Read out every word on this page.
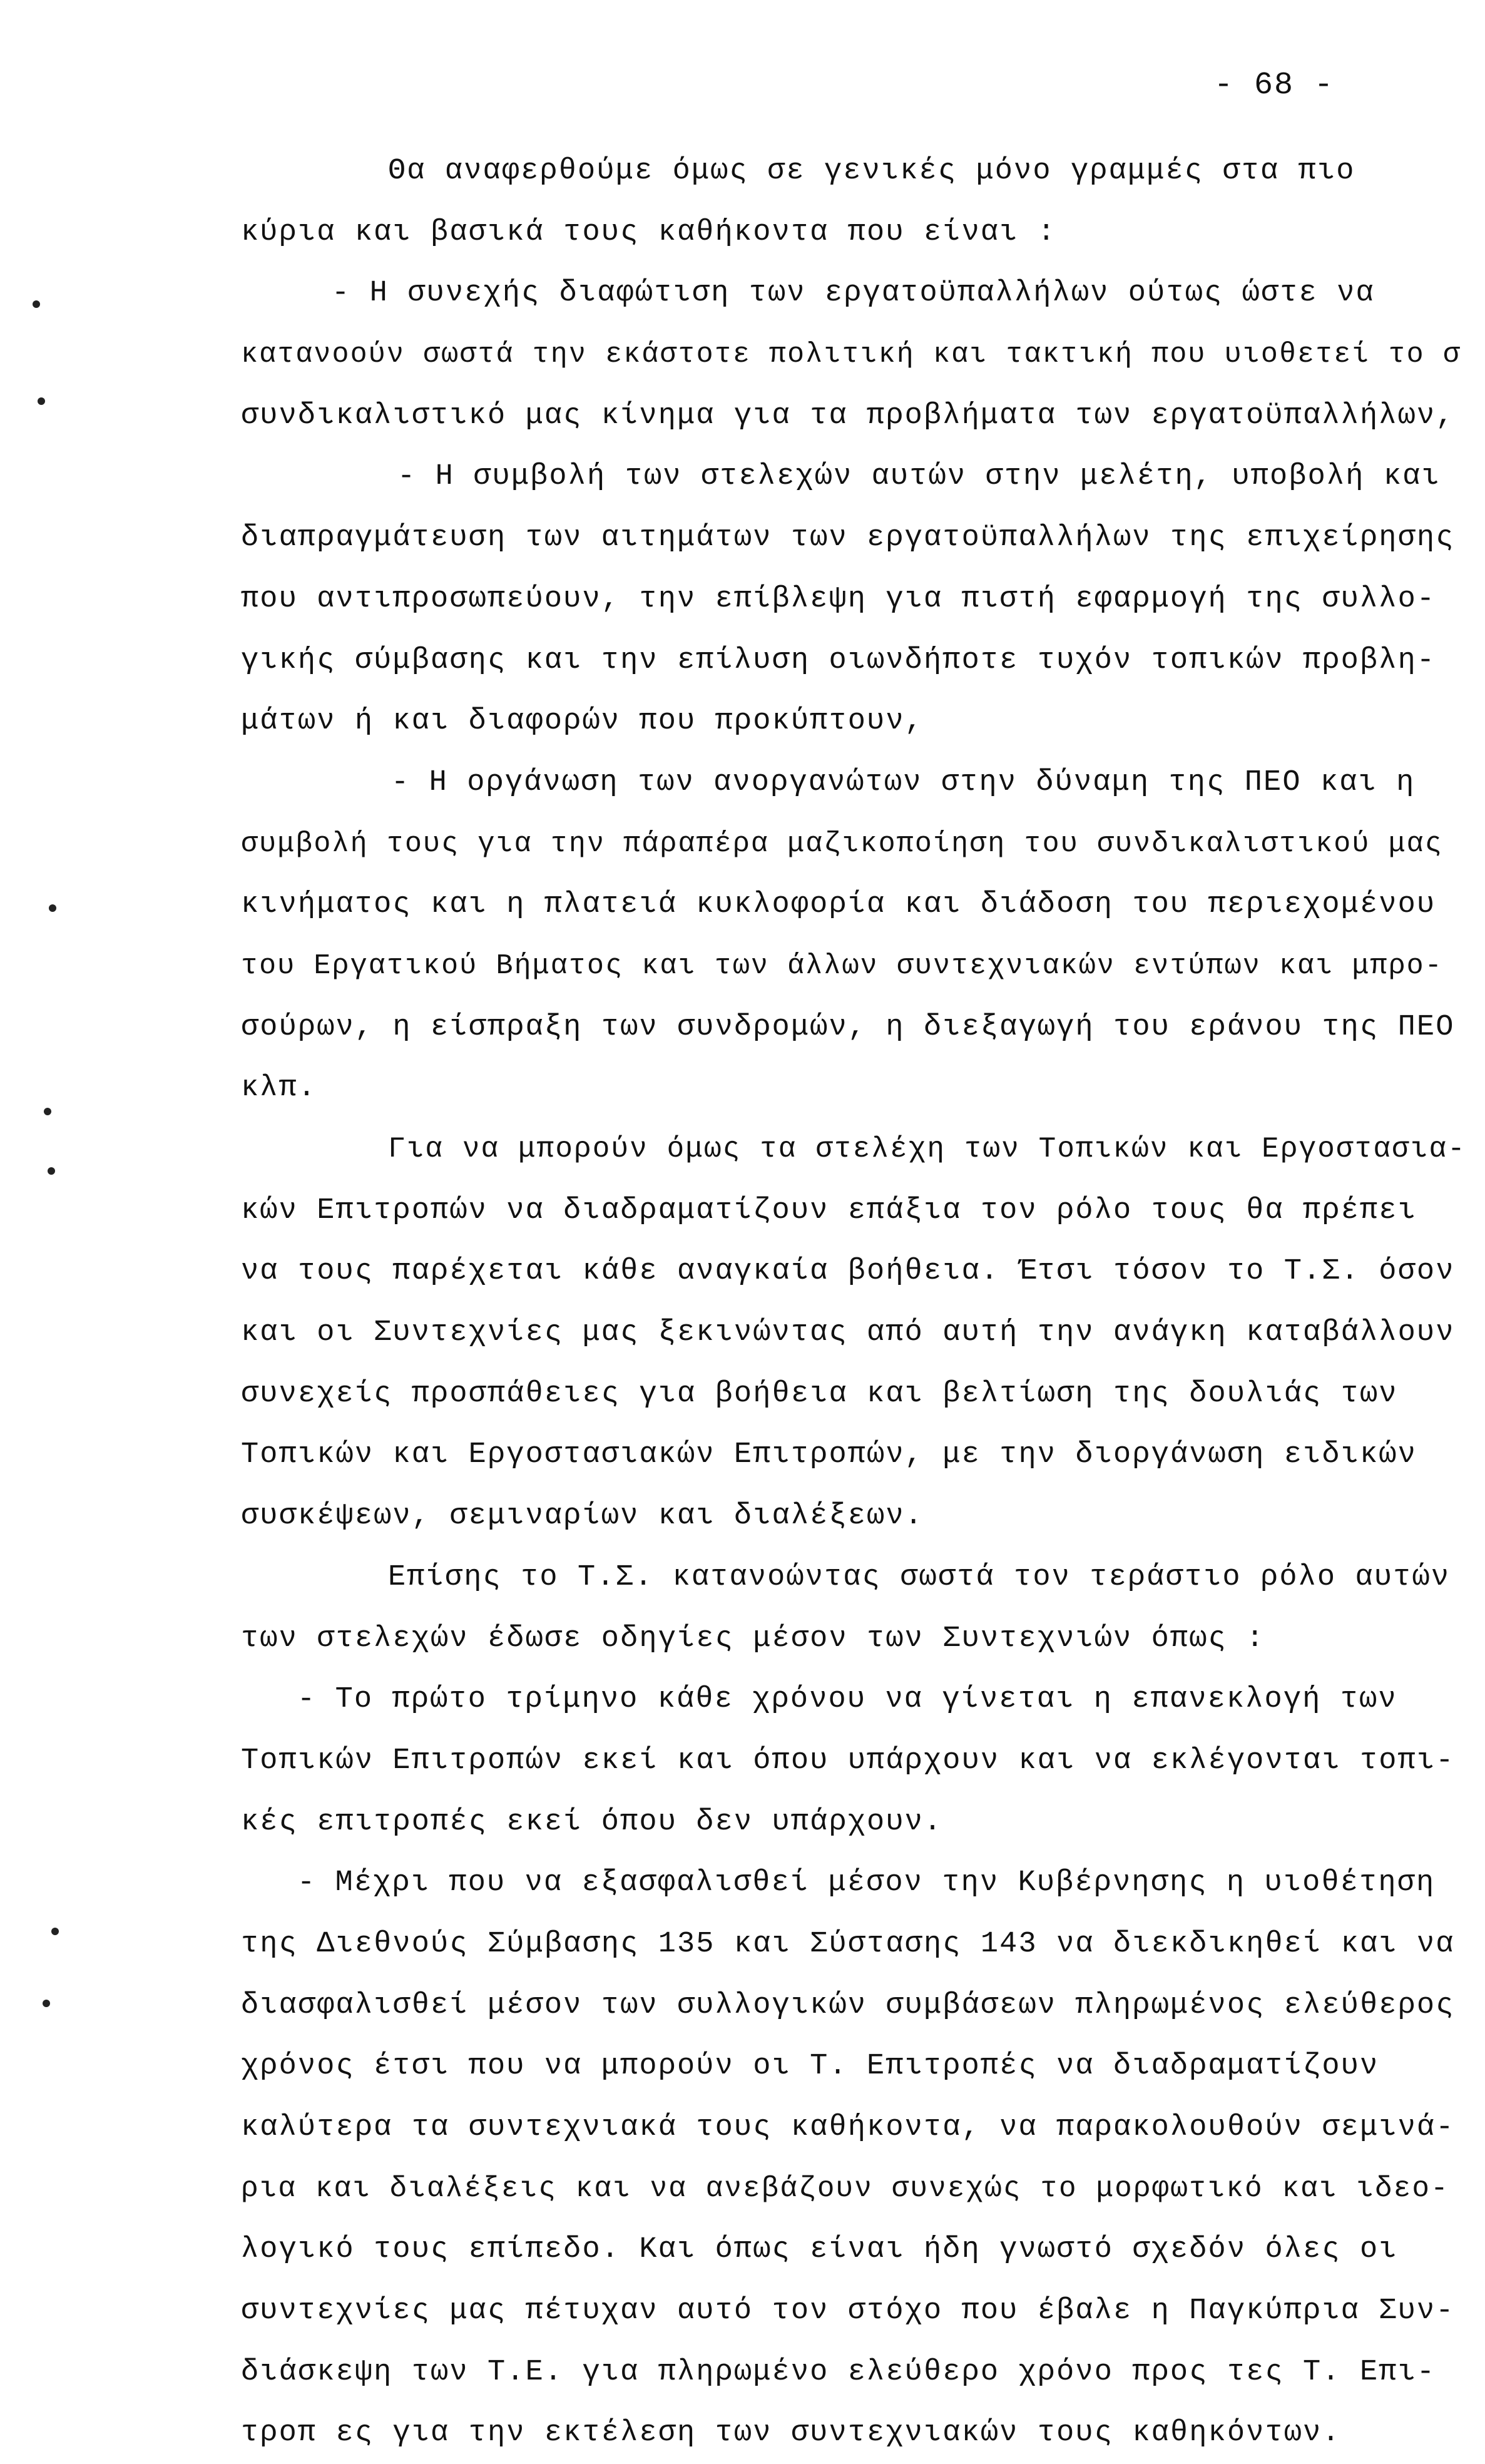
- 68 -
Θα αναφερθούμε όμως σε γενικές μόνο γραμμές στα πιο
κύρια και βασικά τους καθήκοντα που είναι :
- Η συνεχής διαφώτιση των εργατοϋπαλλήλων ούτως ώστε να
κατανοούν σωστά την εκάστοτε πολιτική και τακτική που υιοθετεί το σ
συνδικαλιστικό μας κίνημα για τα προβλήματα των εργατοϋπαλλήλων,
- Η συμβολή των στελεχών αυτών στην μελέτη, υποβολή και
διαπραγμάτευση των αιτημάτων των εργατοϋπαλλήλων της επιχείρησης
που αντιπροσωπεύουν, την επίβλεψη για πιστή εφαρμογή της συλλο-
γικής σύμβασης και την επίλυση οιωνδήποτε τυχόν τοπικών προβλη-
μάτων ή και διαφορών που προκύπτουν,
- Η οργάνωση των ανοργανώτων στην δύναμη της ΠΕΟ και η
συμβολή τους για την πάραπέρα μαζικοποίηση του συνδικαλιστικού μας
κινήματος και η πλατειά κυκλοφορία και διάδοση του περιεχομένου
του Εργατικού Βήματος και των άλλων συντεχνιακών εντύπων και μπρο-
σούρων, η είσπραξη των συνδρομών, η διεξαγωγή του εράνου της ΠΕΟ
κλπ.
Για να μπορούν όμως τα στελέχη των Τοπικών και Εργοστασια-
κών Επιτροπών να διαδραματίζουν επάξια τον ρόλο τους θα πρέπει
να τους παρέχεται κάθε αναγκαία βοήθεια. Έτσι τόσον το Τ.Σ. όσον
και οι Συντεχνίες μας ξεκινώντας από αυτή την ανάγκη καταβάλλουν
συνεχείς προσπάθειες για βοήθεια και βελτίωση της δουλιάς των
Τοπικών και Εργοστασιακών Επιτροπών, με την διοργάνωση ειδικών
συσκέψεων, σεμιναρίων και διαλέξεων.
Επίσης το Τ.Σ. κατανοώντας σωστά τον τεράστιο ρόλο αυτών
των στελεχών έδωσε οδηγίες μέσον των Συντεχνιών όπως :
- Το πρώτο τρίμηνο κάθε χρόνου να γίνεται η επανεκλογή των
Τοπικών Επιτροπών εκεί και όπου υπάρχουν και να εκλέγονται τοπι-
κές επιτροπές εκεί όπου δεν υπάρχουν.
- Μέχρι που να εξασφαλισθεί μέσον την Κυβέρνησης η υιοθέτηση
της Διεθνούς Σύμβασης 135 και Σύστασης 143 να διεκδικηθεί και να
διασφαλισθεί μέσον των συλλογικών συμβάσεων πληρωμένος ελεύθερος
χρόνος έτσι που να μπορούν οι Τ. Επιτροπές να διαδραματίζουν
καλύτερα τα συντεχνιακά τους καθήκοντα, να παρακολουθούν σεμινά-
ρια και διαλέξεις και να ανεβάζουν συνεχώς το μορφωτικό και ιδεο-
λογικό τους επίπεδο. Και όπως είναι ήδη γνωστό σχεδόν όλες οι
συντεχνίες μας πέτυχαν αυτό τον στόχο που έβαλε η Παγκύπρια Συν-
διάσκεψη των Τ.Ε. για πληρωμένο ελεύθερο χρόνο προς τες Τ. Επι-
τροπ ες για την εκτέλεση των συντεχνιακών τους καθηκόντων.
